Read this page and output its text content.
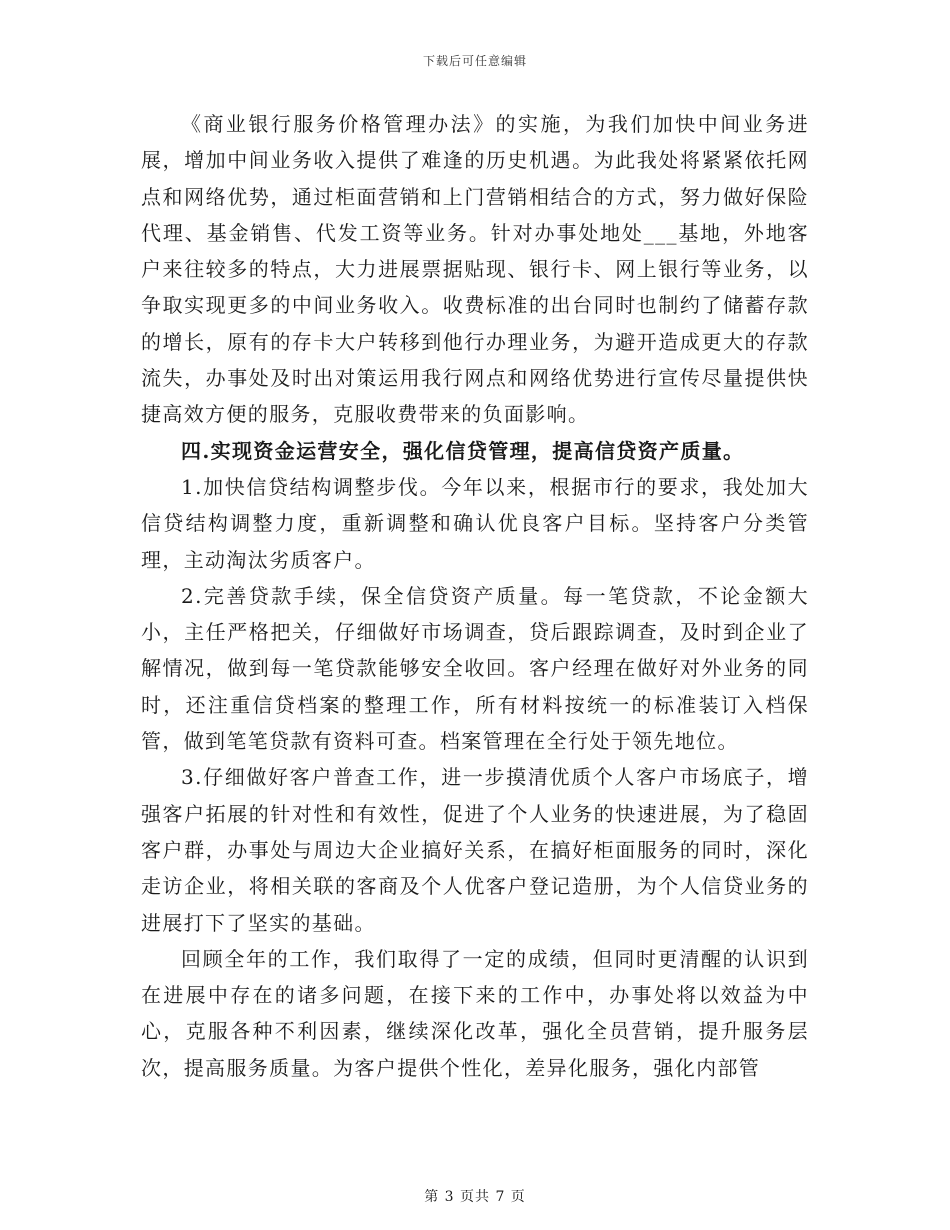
下载后可任意编辑

《商业银行服务价格管理办法》的实施，为我们加快中间业务进展，增加中间业务收入提供了难逢的历史机遇。为此我处将紧紧依托网点和网络优势，通过柜面营销和上门营销相结合的方式，努力做好保险代理、基金销售、代发工资等业务。针对办事处地处___基地，外地客户来往较多的特点，大力进展票据贴现、银行卡、网上银行等业务，以争取实现更多的中间业务收入。收费标准的出台同时也制约了储蓄存款的增长，原有的存卡大户转移到他行办理业务，为避开造成更大的存款流失，办事处及时出对策运用我行网点和网络优势进行宣传尽量提供快捷高效方便的服务，克服收费带来的负面影响。

四.实现资金运营安全，强化信贷管理，提高信贷资产质量。

1.加快信贷结构调整步伐。今年以来，根据市行的要求，我处加大信贷结构调整力度，重新调整和确认优良客户目标。坚持客户分类管理，主动淘汰劣质客户。

2.完善贷款手续，保全信贷资产质量。每一笔贷款，不论金额大小，主任严格把关，仔细做好市场调查，贷后跟踪调查，及时到企业了解情况，做到每一笔贷款能够安全收回。客户经理在做好对外业务的同时，还注重信贷档案的整理工作，所有材料按统一的标准装订入档保管，做到笔笔贷款有资料可查。档案管理在全行处于领先地位。

3.仔细做好客户普查工作，进一步摸清优质个人客户市场底子，增强客户拓展的针对性和有效性，促进了个人业务的快速进展，为了稳固客户群，办事处与周边大企业搞好关系，在搞好柜面服务的同时，深化走访企业，将相关联的客商及个人优客户登记造册，为个人信贷业务的进展打下了坚实的基础。

回顾全年的工作，我们取得了一定的成绩，但同时更清醒的认识到在进展中存在的诸多问题，在接下来的工作中，办事处将以效益为中心，克服各种不利因素，继续深化改革，强化全员营销，提升服务层次，提高服务质量。为客户提供个性化，差异化服务，强化内部管

第 3 页共 7 页
